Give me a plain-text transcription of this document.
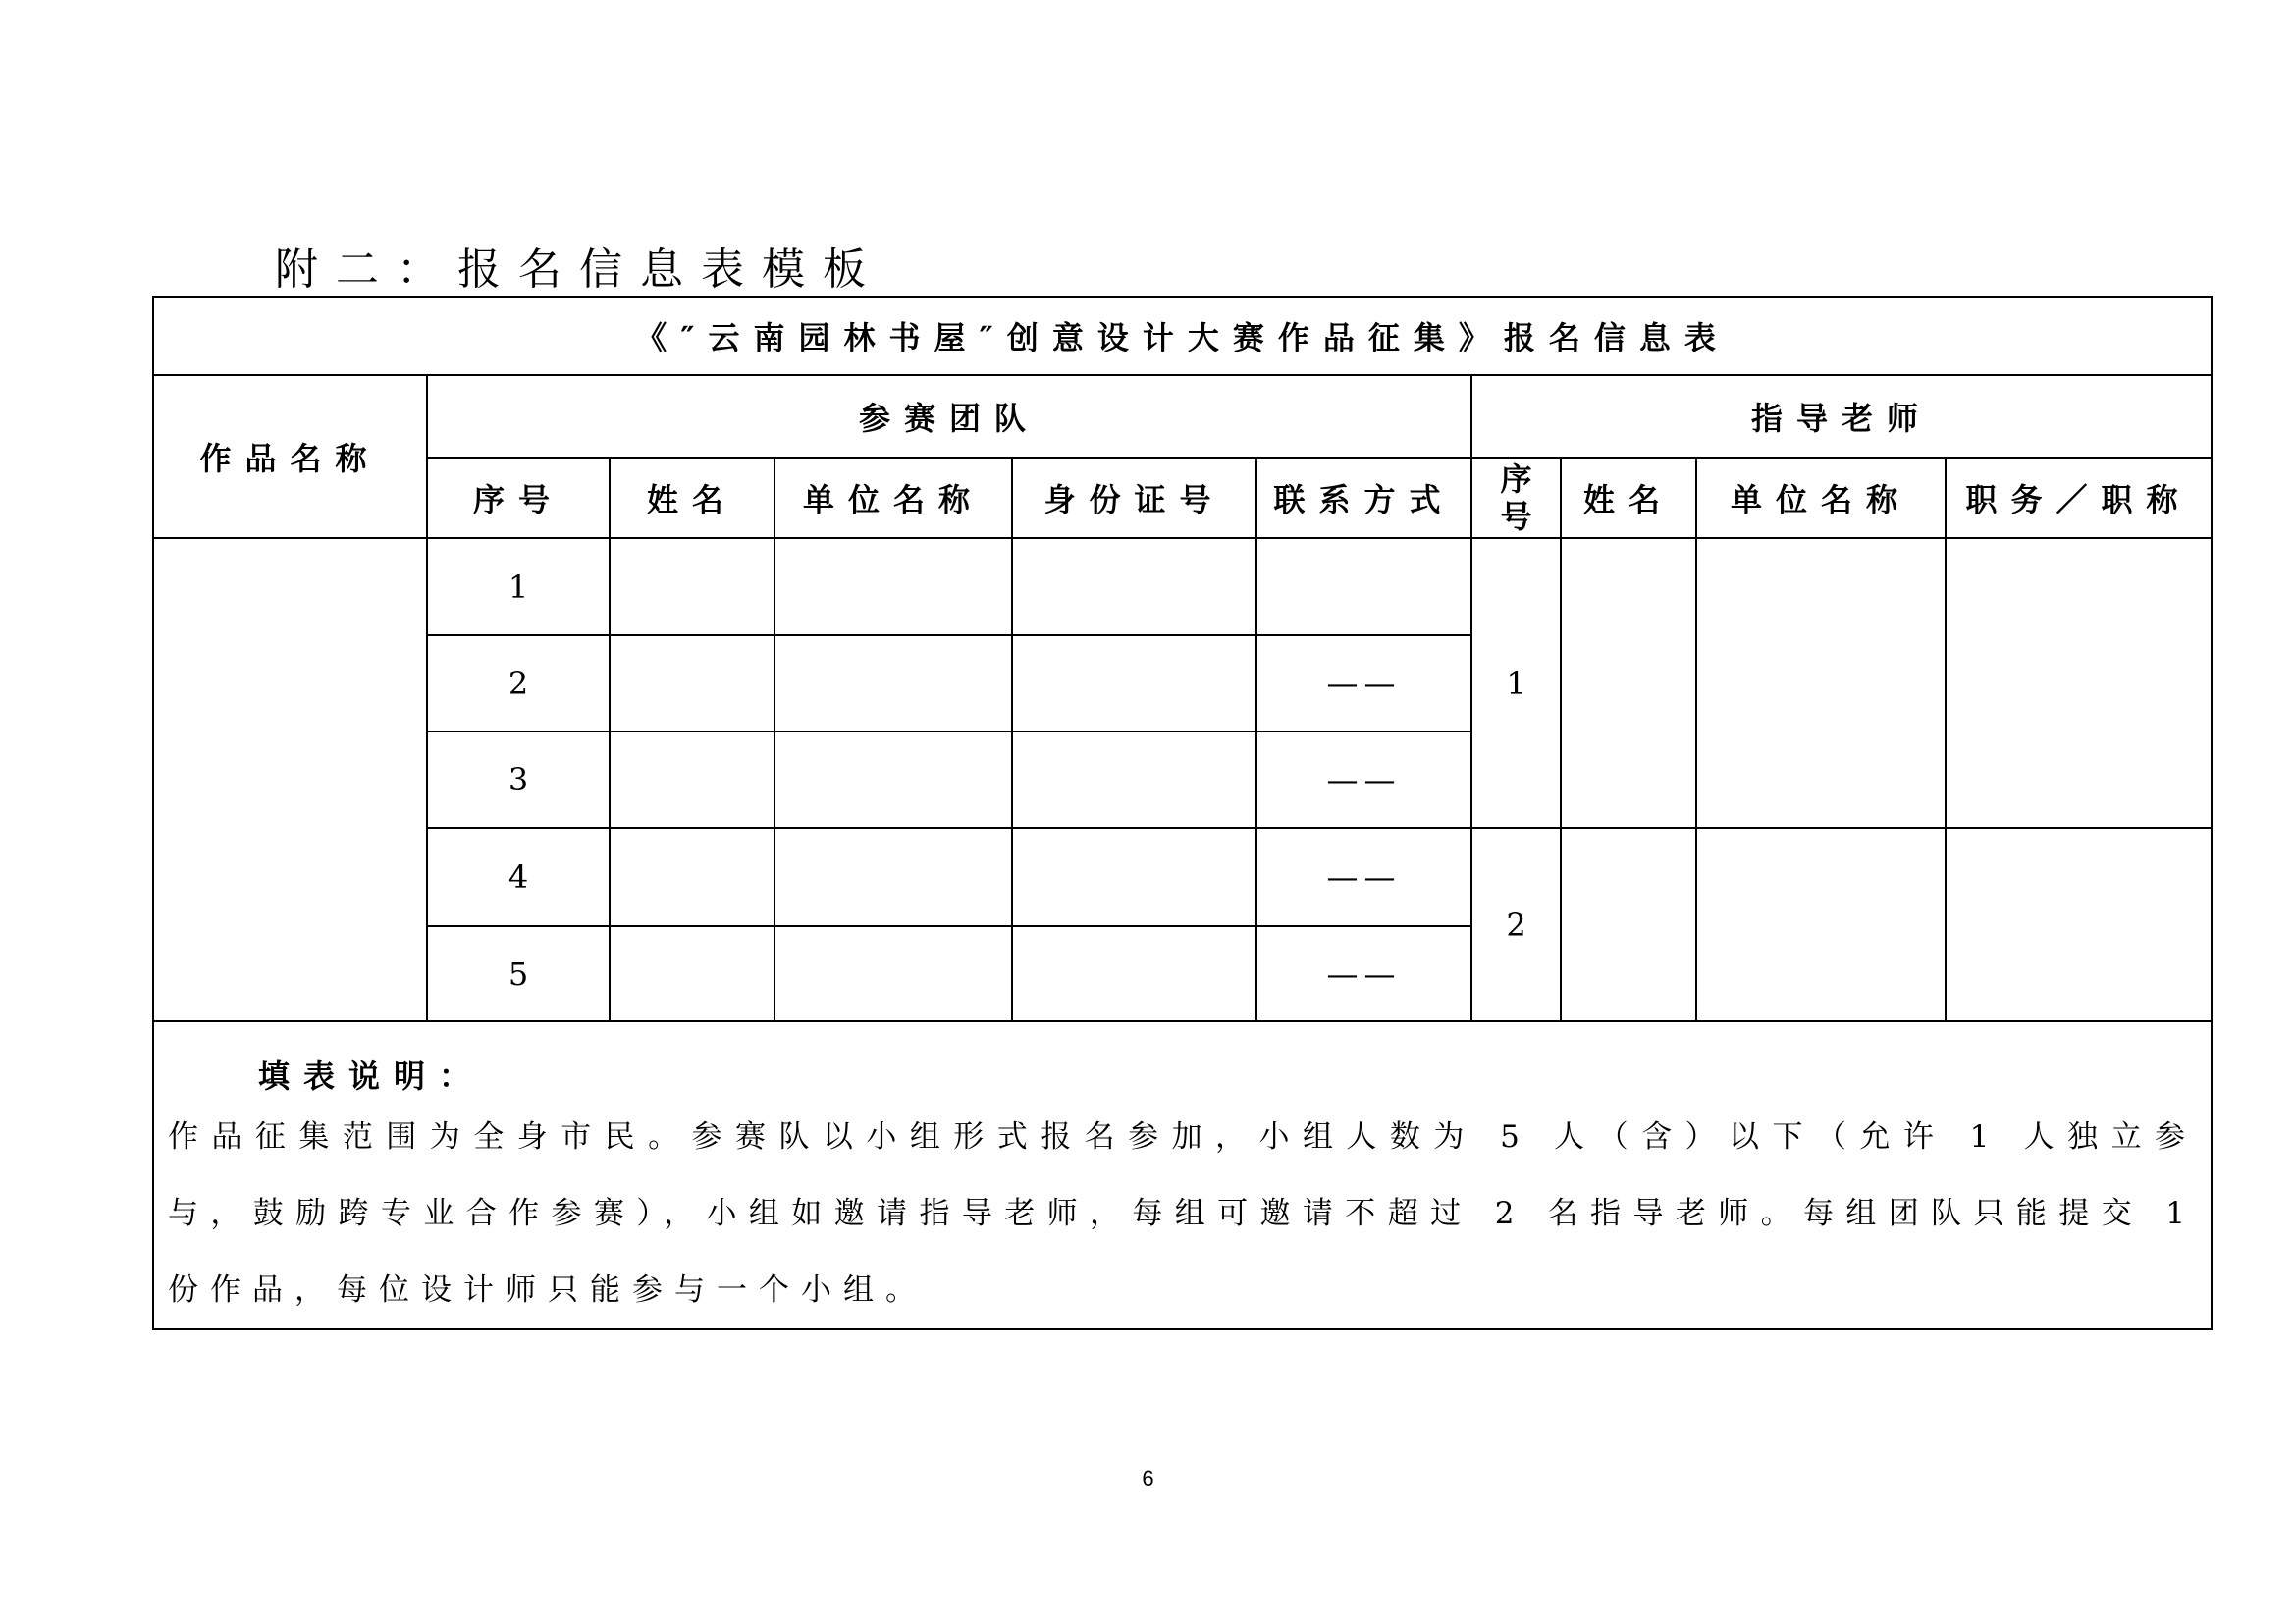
附二：报名信息表模板
《″云南园林书屋″创意设计大赛作品征集》报名信息表									
作品名称	参赛团队					指导老师			
	序号	姓名	单位名称	身份证号	联系方式	序号	姓名	单位名称	职务／职称
	1					1			
	2				——				
	3				——				
	4				——	2			
	5				——				

填表说明：
作品征集范围为全身市民。参赛队以小组形式报名参加，小组人数为 5 人（含）以下（允许 1 人独立参与，鼓励跨专业合作参赛），小组如邀请指导老师，每组可邀请不超过 2 名指导老师。每组团队只能提交 1 份作品，每位设计师只能参与一个小组。									
6
